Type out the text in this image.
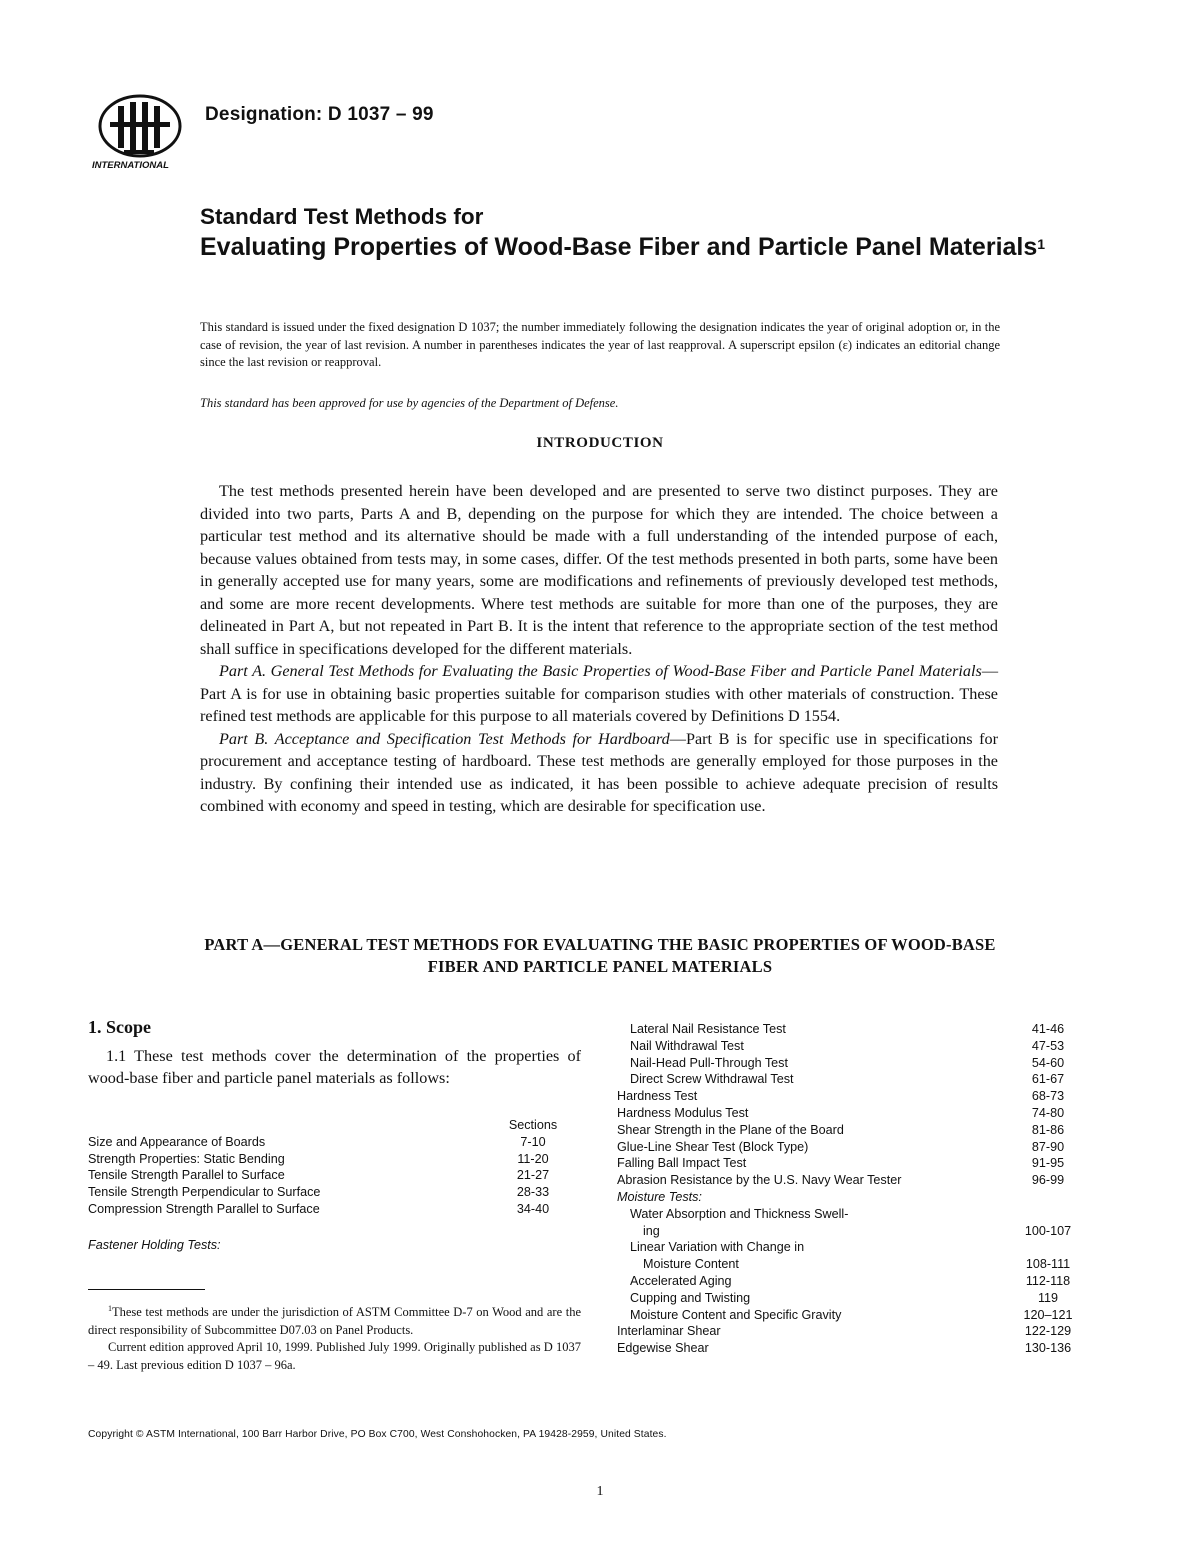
INTERNATIONAL
Designation: D 1037 – 99
Standard Test Methods for
Evaluating Properties of Wood-Base Fiber and Particle Panel Materials$^1$
This standard is issued under the fixed designation D 1037; the number immediately following the designation indicates the year of original adoption or, in the case of revision, the year of last revision. A number in parentheses indicates the year of last reapproval. A superscript epsilon (ε) indicates an editorial change since the last revision or reapproval.
This standard has been approved for use by agencies of the Department of Defense.
INTRODUCTION

The test methods presented herein have been developed and are presented to serve two distinct purposes. They are divided into two parts, Parts A and B, depending on the purpose for which they are intended. The choice between a particular test method and its alternative should be made with a full understanding of the intended purpose of each, because values obtained from tests may, in some cases, differ. Of the test methods presented in both parts, some have been in generally accepted use for many years, some are modifications and refinements of previously developed test methods, and some are more recent developments. Where test methods are suitable for more than one of the purposes, they are delineated in Part A, but not repeated in Part B. It is the intent that reference to the appropriate section of the test method shall suffice in specifications developed for the different materials.

Part A. General Test Methods for Evaluating the Basic Properties of Wood-Base Fiber and Particle Panel Materials—Part A is for use in obtaining basic properties suitable for comparison studies with other materials of construction. These refined test methods are applicable for this purpose to all materials covered by Definitions D 1554.

Part B. Acceptance and Specification Test Methods for Hardboard—Part B is for specific use in specifications for procurement and acceptance testing of hardboard. These test methods are generally employed for those purposes in the industry. By confining their intended use as indicated, it has been possible to achieve adequate precision of results combined with economy and speed in testing, which are desirable for specification use.

PART A—GENERAL TEST METHODS FOR EVALUATING THE BASIC PROPERTIES OF WOOD-BASE
FIBER AND PARTICLE PANEL MATERIALS
1. Scope
1.1 These test methods cover the determination of the properties of wood-base fiber and particle panel materials as follows:
Sections
Size and Appearance of Boards	7-10
Strength Properties: Static Bending	11-20
Tensile Strength Parallel to Surface	21-27
Tensile Strength Perpendicular to Surface	28-33
Compression Strength Parallel to Surface	34-40
Fastener Holding Tests:

$^1$These test methods are under the jurisdiction of ASTM Committee D-7 on Wood and are the direct responsibility of Subcommittee D07.03 on Panel Products.

Current edition approved April 10, 1999. Published July 1999. Originally published as D 1037 – 49. Last previous edition D 1037 – 96a.

Lateral Nail Resistance Test	41-46
Nail Withdrawal Test	47-53
Nail-Head Pull-Through Test	54-60
Direct Screw Withdrawal Test	61-67
Hardness Test	68-73
Hardness Modulus Test	74-80
Shear Strength in the Plane of the Board	81-86
Glue-Line Shear Test (Block Type)	87-90
Falling Ball Impact Test	91-95
Abrasion Resistance by the U.S. Navy Wear Tester	96-99
Moisture Tests:
Water Absorption and Thickness Swell-
ing	100-107
Linear Variation with Change in
Moisture Content	108-111
Accelerated Aging	112-118
Cupping and Twisting	119
Moisture Content and Specific Gravity	120–121
Interlaminar Shear	122-129
Edgewise Shear	130-136
Copyright © ASTM International, 100 Barr Harbor Drive, PO Box C700, West Conshohocken, PA 19428-2959, United States.
1
